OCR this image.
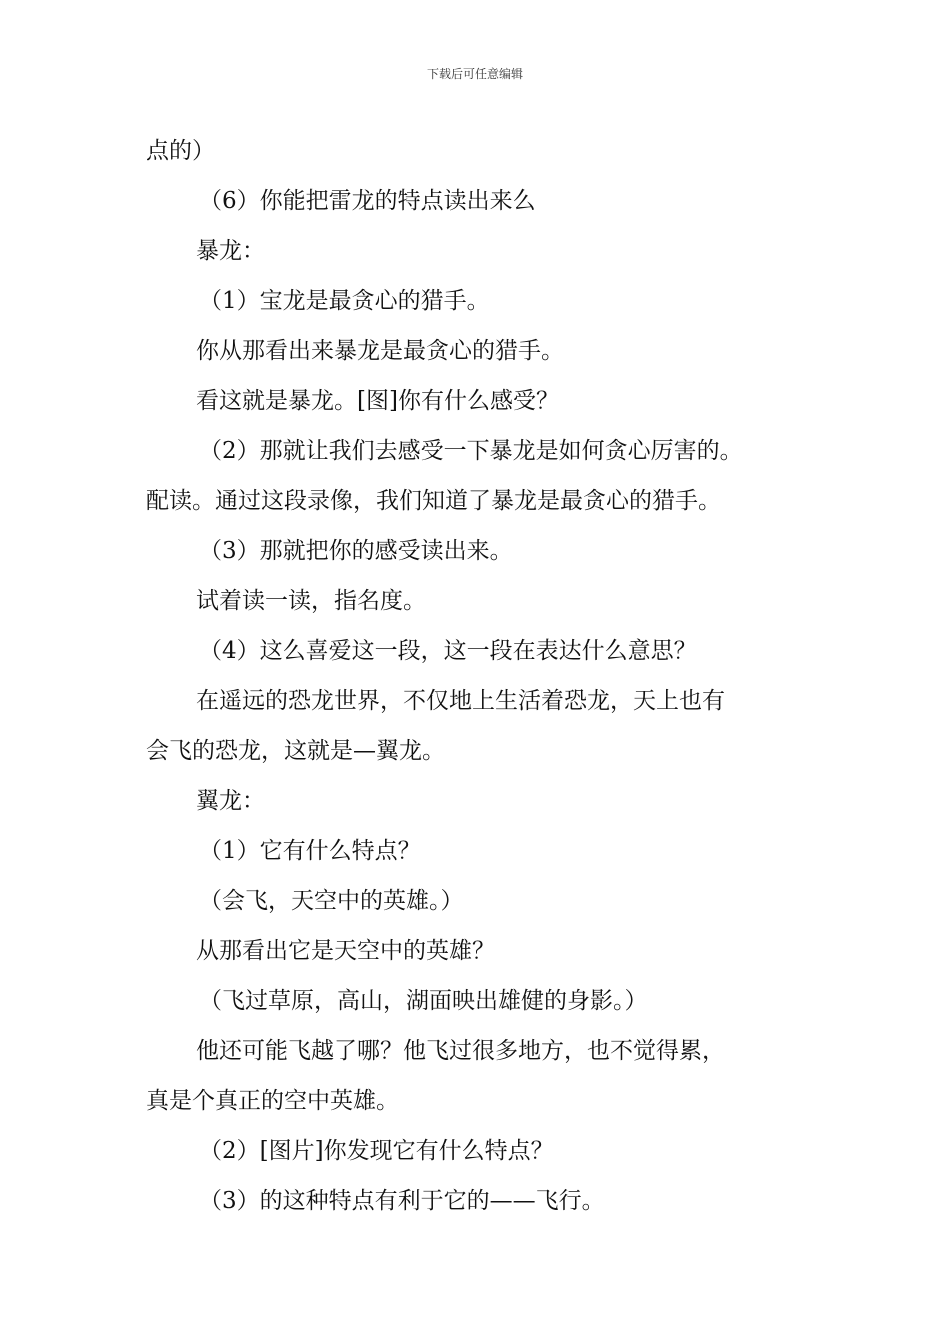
下载后可任意编辑
点的）
（6）你能把雷龙的特点读出来么
暴龙：
（1）宝龙是最贪心的猎手。
你从那看出来暴龙是最贪心的猎手。
看这就是暴龙。[图]你有什么感受？
（2）那就让我们去感受一下暴龙是如何贪心厉害的。
配读。通过这段录像，我们知道了暴龙是最贪心的猎手。
（3）那就把你的感受读出来。
试着读一读，指名度。
（4）这么喜爱这一段，这一段在表达什么意思？
在遥远的恐龙世界，不仅地上生活着恐龙，天上也有
会飞的恐龙，这就是—翼龙。
翼龙：
（1）它有什么特点？
（会飞，天空中的英雄。）
从那看出它是天空中的英雄？
（飞过草原，高山，湖面映出雄健的身影。）
他还可能飞越了哪？他飞过很多地方，也不觉得累，
真是个真正的空中英雄。
（2）[图片]你发现它有什么特点？
（3）的这种特点有利于它的——飞行。
